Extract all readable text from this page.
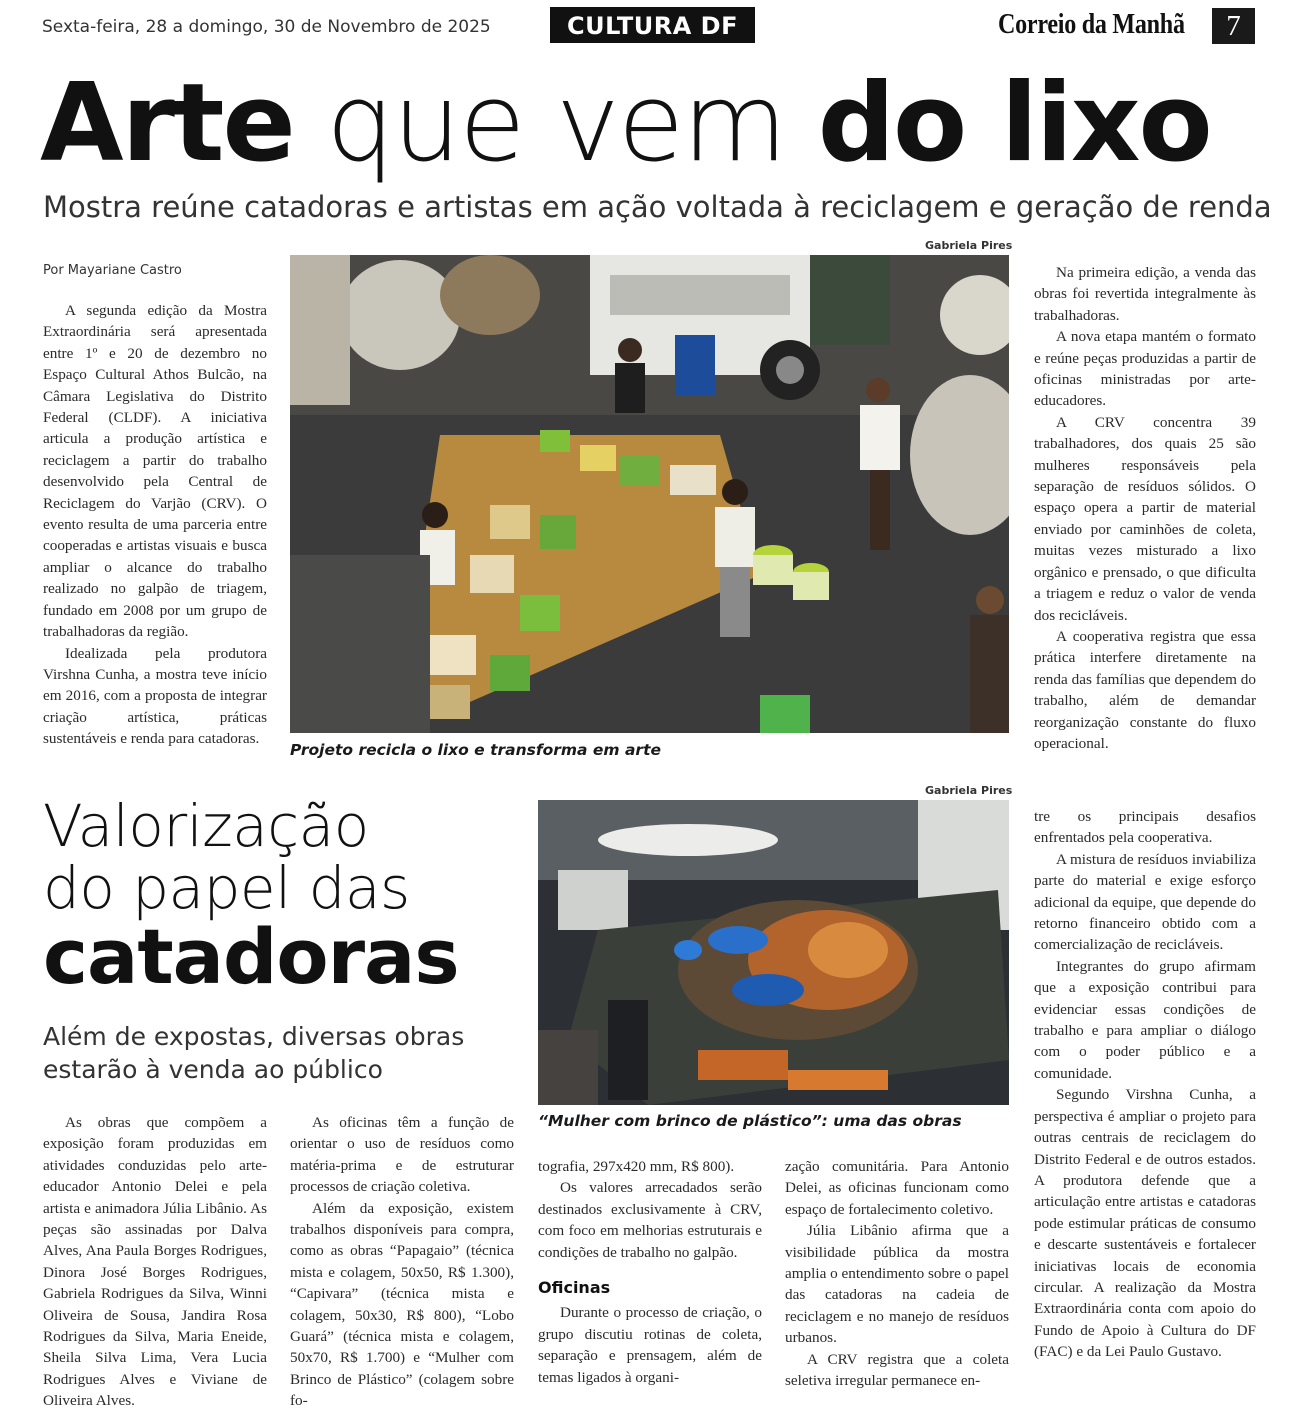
Sexta-feira, 28 a domingo, 30 de Novembro de 2025	CULTURA DF	Correio da Manhã	7
Arte que vem do lixo
Mostra reúne catadoras e artistas em ação voltada à reciclagem e geração de renda
Por Mayariane Castro

A segunda edição da Mostra Extraordinária será apresentada entre 1º e 20 de dezembro no Espaço Cultural Athos Bulcão, na Câmara Legislativa do Distrito Federal (CLDF). A iniciativa articula a produção artística e reciclagem a partir do trabalho desenvolvido pela Central de Reciclagem do Varjão (CRV). O evento resulta de uma parceria entre cooperadas e artistas visuais e busca ampliar o alcance do trabalho realizado no galpão de triagem, fundado em 2008 por um grupo de trabalhadoras da região.

Idealizada pela produtora Virshna Cunha, a mostra teve início em 2016, com a proposta de integrar criação artística, práticas sustentáveis e renda para catadoras.

Gabriela Pires
Projeto recicla o lixo e transforma em arte

Na primeira edição, a venda das obras foi revertida integralmente às trabalhadoras.

A nova etapa mantém o formato e reúne peças produzidas a partir de oficinas ministradas por arte-educadores.

A CRV concentra 39 trabalhadores, dos quais 25 são mulheres responsáveis pela separação de resíduos sólidos. O espaço opera a partir de material enviado por caminhões de coleta, muitas vezes misturado a lixo orgânico e prensado, o que dificulta a triagem e reduz o valor de venda dos recicláveis.

A cooperativa registra que essa prática interfere diretamente na renda das famílias que dependem do trabalho, além de demandar reorganização constante do fluxo operacional.

Valorização
do papel das
catadoras
Além de expostas, diversas obras estarão à venda ao público
Gabriela Pires
“Mulher com brinco de plástico”: uma das obras

As obras que compõem a exposição foram produzidas em atividades conduzidas pelo arte-educador Antonio Delei e pela artista e animadora Júlia Libânio. As peças são assinadas por Dalva Alves, Ana Paula Borges Rodrigues, Dinora José Borges Rodrigues, Gabriela Rodrigues da Silva, Winni Oliveira de Sousa, Jandira Rosa Rodrigues da Silva, Maria Eneide, Sheila Silva Lima, Vera Lucia Rodrigues Alves e Viviane de Oliveira Alves.

As oficinas têm a função de orientar o uso de resíduos como matéria-prima e de estruturar processos de criação coletiva.

Além da exposição, existem trabalhos disponíveis para compra, como as obras “Papagaio” (técnica mista e colagem, 50x50, R$ 1.300), “Capivara” (técnica mista e colagem, 50x30, R$ 800), “Lobo Guará” (técnica mista e colagem, 50x70, R$ 1.700) e “Mulher com Brinco de Plástico” (colagem sobre fo-

tografia, 297x420 mm, R$ 800).

Os valores arrecadados serão destinados exclusivamente à CRV, com foco em melhorias estruturais e condições de trabalho no galpão.

Oficinas

Durante o processo de criação, o grupo discutiu rotinas de coleta, separação e prensagem, além de temas ligados à organi-

zação comunitária. Para Antonio Delei, as oficinas funcionam como espaço de fortalecimento coletivo.

Júlia Libânio afirma que a visibilidade pública da mostra amplia o entendimento sobre o papel das catadoras na cadeia de reciclagem e no manejo de resíduos urbanos.

A CRV registra que a coleta seletiva irregular permanece en-

tre os principais desafios enfrentados pela cooperativa.

A mistura de resíduos inviabiliza parte do material e exige esforço adicional da equipe, que depende do retorno financeiro obtido com a comercialização de recicláveis.

Integrantes do grupo afirmam que a exposição contribui para evidenciar essas condições de trabalho e para ampliar o diálogo com o poder público e a comunidade.

Segundo Virshna Cunha, a perspectiva é ampliar o projeto para outras centrais de reciclagem do Distrito Federal e de outros estados. A produtora defende que a articulação entre artistas e catadoras pode estimular práticas de consumo e descarte sustentáveis e fortalecer iniciativas locais de economia circular. A realização da Mostra Extraordinária conta com apoio do Fundo de Apoio à Cultura do DF (FAC) e da Lei Paulo Gustavo.
